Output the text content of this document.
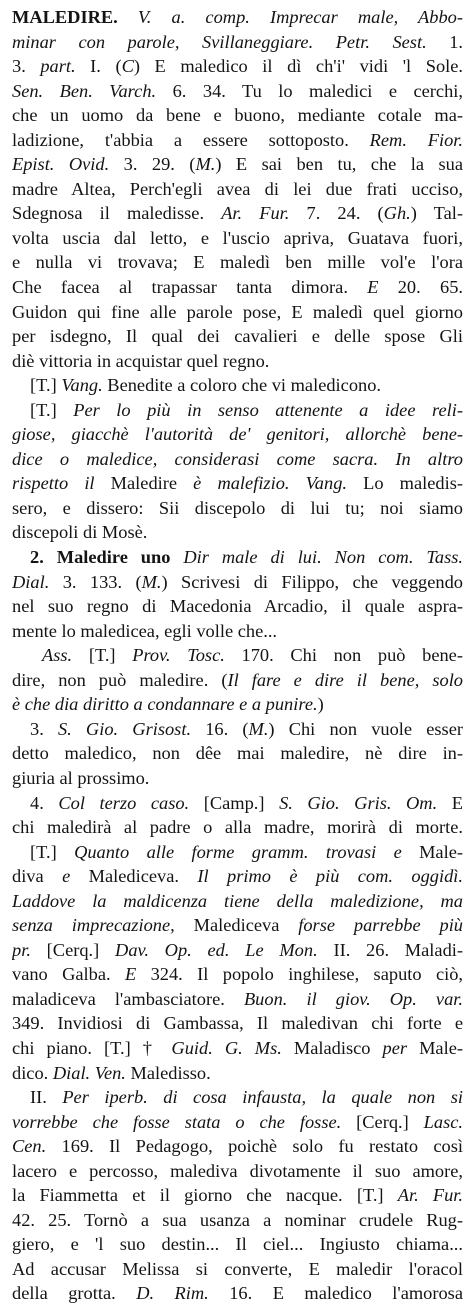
MALEDIRE. V. a. comp. Imprecar male, Abbo-
minar con parole, Svillaneggiare. Petr. Sest. 1.
3. part. I. (C) E maledico il dì ch'i' vidi 'l Sole.
Sen. Ben. Varch. 6. 34. Tu lo maledici e cerchi,
che un uomo da bene e buono, mediante cotale ma-
ladizione, t'abbia a essere sottoposto. Rem. Fior.
Epist. Ovid. 3. 29. (M.) E sai ben tu, che la sua
madre Altea, Perch'egli avea di lei due frati ucciso,
Sdegnosa il maledisse. Ar. Fur. 7. 24. (Gh.) Tal-
volta uscia dal letto, e l'uscio apriva, Guatava fuori,
e nulla vi trovava; E maledì ben mille vol'e l'ora
Che facea al trapassar tanta dimora. E 20. 65.
Guidon qui fine alle parole pose, E maledì quel giorno
per isdegno, Il qual dei cavalieri e delle spose Gli
diè vittoria in acquistar quel regno.
[T.] Vang. Benedite a coloro che vi maledicono.
[T.] Per lo più in senso attenente a idee reli-
giose, giacchè l'autorità de' genitori, allorchè bene-
dice o maledice, considerasi come sacra. In altro
rispetto il Maledire è malefizio. Vang. Lo maledis-
sero, e dissero: Sii discepolo di lui tu; noi siamo
discepoli di Mosè.
2. Maledire uno Dir male di lui. Non com. Tass.
Dial. 3. 133. (M.) Scrivesi di Filippo, che veggendo
nel suo regno di Macedonia Arcadio, il quale aspra-
mente lo maledicea, egli volle che...
Ass. [T.] Prov. Tosc. 170. Chi non può bene-
dire, non può maledire. (Il fare e dire il bene, solo
è che dia diritto a condannare e a punire.)
3. S. Gio. Grisost. 16. (M.) Chi non vuole esser
detto maledico, non dêe mai maledire, nè dire in-
giuria al prossimo.
4. Col terzo caso. [Camp.] S. Gio. Gris. Om. E
chi maledirà al padre o alla madre, morirà di morte.
[T.] Quanto alle forme gramm. trovasi e Male-
diva e Malediceva. Il primo è più com. oggidì.
Laddove la maldicenza tiene della maledizione, ma
senza imprecazione, Malediceva forse parrebbe più
pr. [Cerq.] Dav. Op. ed. Le Mon. II. 26. Maladi-
vano Galba. E 324. Il popolo inghilese, saputo ciò,
maladiceva l'ambasciatore. Buon. il giov. Op. var.
349. Invidiosi di Gambassa, Il maledivan chi forte e
chi piano. [T.] † Guid. G. Ms. Maladisco per Male-
dico. Dial. Ven. Maledisso.
II. Per iperb. di cosa infausta, la quale non si
vorrebbe che fosse stata o che fosse. [Cerq.] Lasc.
Cen. 169. Il Pedagogo, poichè solo fu restato così
lacero e percosso, malediva divotamente il suo amore,
la Fiammetta et il giorno che nacque. [T.] Ar. Fur.
42. 25. Tornò a sua usanza a nominar crudele Rug-
giero, e 'l suo destin... Il ciel... Ingiusto chiama...
Ad accusar Melissa si converte, E maledir l'oracol
della grotta. D. Rim. 16. E maledico l'amorosa
